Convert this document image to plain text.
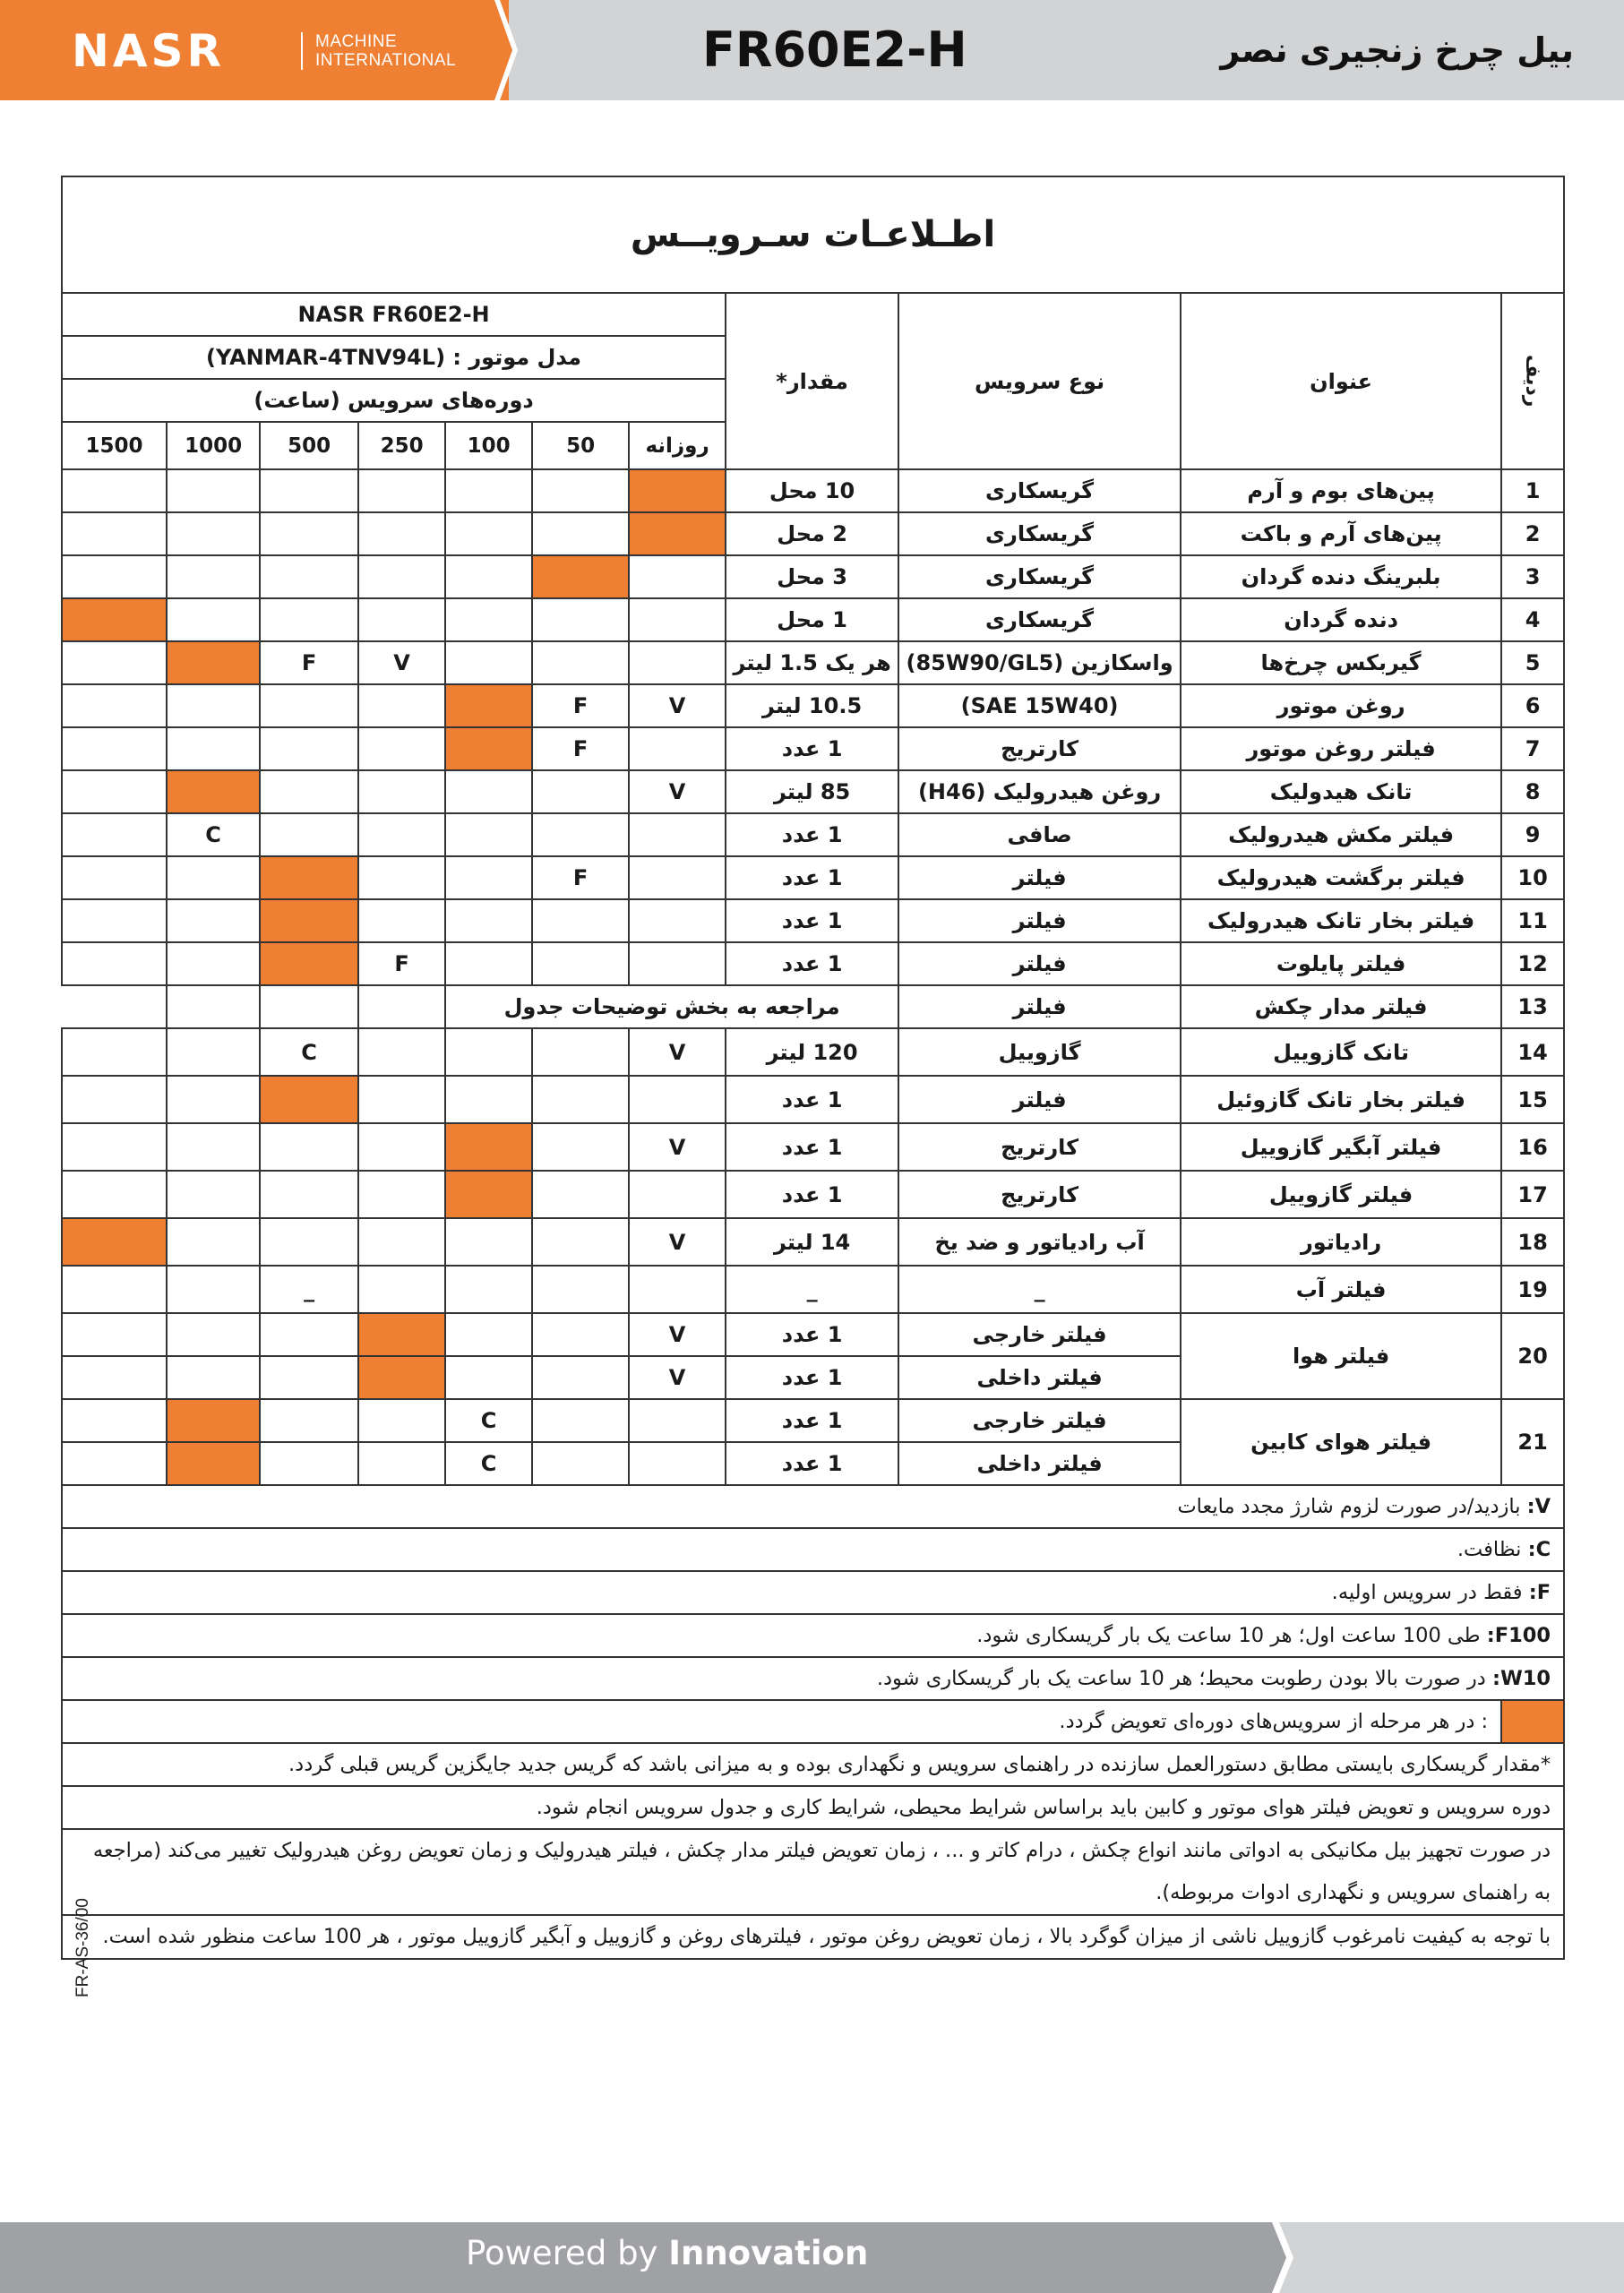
NASR	MACHINE
INTERNATIONAL	FR60E2-H	بیل چرخ زنجیری نصر
اطـلاعـات سـرویــس										
ردیف	عنوان	نوع سرویس	مقدار*	NASR FR60E2-H						
				مدل موتور : (YANMAR-4TNV94L)						
				دوره‌های سرویس (ساعت)						
				روزانه	50	100	250	500	1000	1500
1	پین‌های بوم و آرم	گریسکاری	10 محل							
2	پین‌های آرم و باکت	گریسکاری	2 محل							
3	بلبرینگ دنده گردان	گریسکاری	3 محل							
4	دنده گردان	گریسکاری	1 محل							
5	گیربکس چرخ‌ها	واسکازین (85W90/GL5)	هر یک 1.5 لیتر				V	F		
6	روغن موتور	(SAE 15W40)	10.5 لیتر	V	F					
7	فیلتر روغن موتور	کارتریج	1 عدد		F					
8	تانک هیدولیک	روغن هیدرولیک (H46)	85 لیتر	V						
9	فیلتر مکش هیدرولیک	صافی	1 عدد						C	
10	فیلتر برگشت هیدرولیک	فیلتر	1 عدد		F					
11	فیلتر بخار تانک هیدرولیک	فیلتر	1 عدد							
12	فیلتر پایلوت	فیلتر	1 عدد				F			
13	فیلتر مدار چکش	فیلتر	مراجعه به بخش توضیحات جدول							
14	تانک گازوییل	گازوییل	120 لیتر	V				C		
15	فیلتر بخار تانک گازوئیل	فیلتر	1 عدد							
16	فیلتر آبگیر گازوییل	کارتریج	1 عدد	V						
17	فیلتر گازوییل	کارتریج	1 عدد							
18	رادیاتور	آب رادیاتور و ضد یخ	14 لیتر	V						
19	فیلتر آب	_	_					_		
20	فیلتر هوا	فیلتر خارجی	1 عدد	V						
		فیلتر داخلی	1 عدد	V						
21	فیلتر هوای کابین	فیلتر خارجی	1 عدد			C				
		فیلتر داخلی	1 عدد			C				
V: بازدید/در صورت لزوم شارژ مجدد مایعات										
C: نظافت.										
F: فقط در سرویس اولیه.										
F100: طی 100 ساعت اول؛ هر 10 ساعت یک بار گریسکاری شود.										
W10: در صورت بالا بودن رطوبت محیط؛ هر 10 ساعت یک بار گریسکاری شود.										
	: در هر مرحله از سرویس‌های دوره‌ای تعویض گردد.									
*مقدار گریسکاری بایستی مطابق دستورالعمل سازنده در راهنمای سرویس و نگهداری بوده و به میزانی باشد که گریس جدید جایگزین گریس قبلی گردد.										
دوره سرویس و تعویض فیلتر هوای موتور و کابین باید براساس شرایط محیطی، شرایط کاری و جدول سرویس انجام شود.										
در صورت تجهیز بیل مکانیکی به ادواتی مانند انواع چکش ، درام کاتر و ... ، زمان تعویض فیلتر مدار چکش ، فیلتر هیدرولیک و زمان تعویض روغن هیدرولیک تغییر می‌کند (مراجعه به راهنمای سرویس و نگهداری ادوات مربوطه).										
با توجه به کیفیت نامرغوب گازوییل ناشی از میزان گوگرد بالا ، زمان تعویض روغن موتور ، فیلترهای روغن و گازوییل و آبگیر گازوییل موتور ، هر 100 ساعت منظور شده است.										
FR-AS-36/00
Powered by Innovation
